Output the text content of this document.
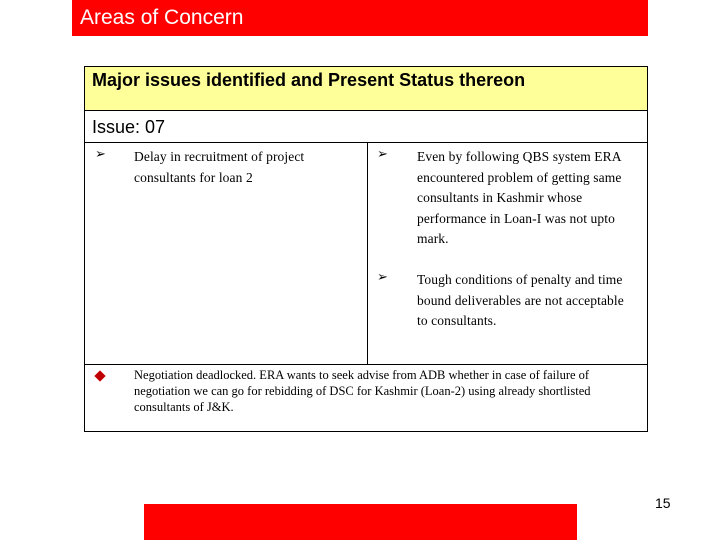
Areas of Concern
Major issues identified and Present Status thereon
Issue: 07
➢ Delay in recruitment of project consultants for loan 2
➢ Even by following QBS system ERA encountered problem of getting same consultants in Kashmir whose performance in Loan-I was not upto mark.
➢ Tough conditions of penalty and time bound deliverables are not acceptable to consultants.
Negotiation deadlocked. ERA wants to seek advise from ADB whether in case of failure of negotiation we can go for rebidding of DSC for Kashmir (Loan-2) using already shortlisted consultants of J&K.
15
